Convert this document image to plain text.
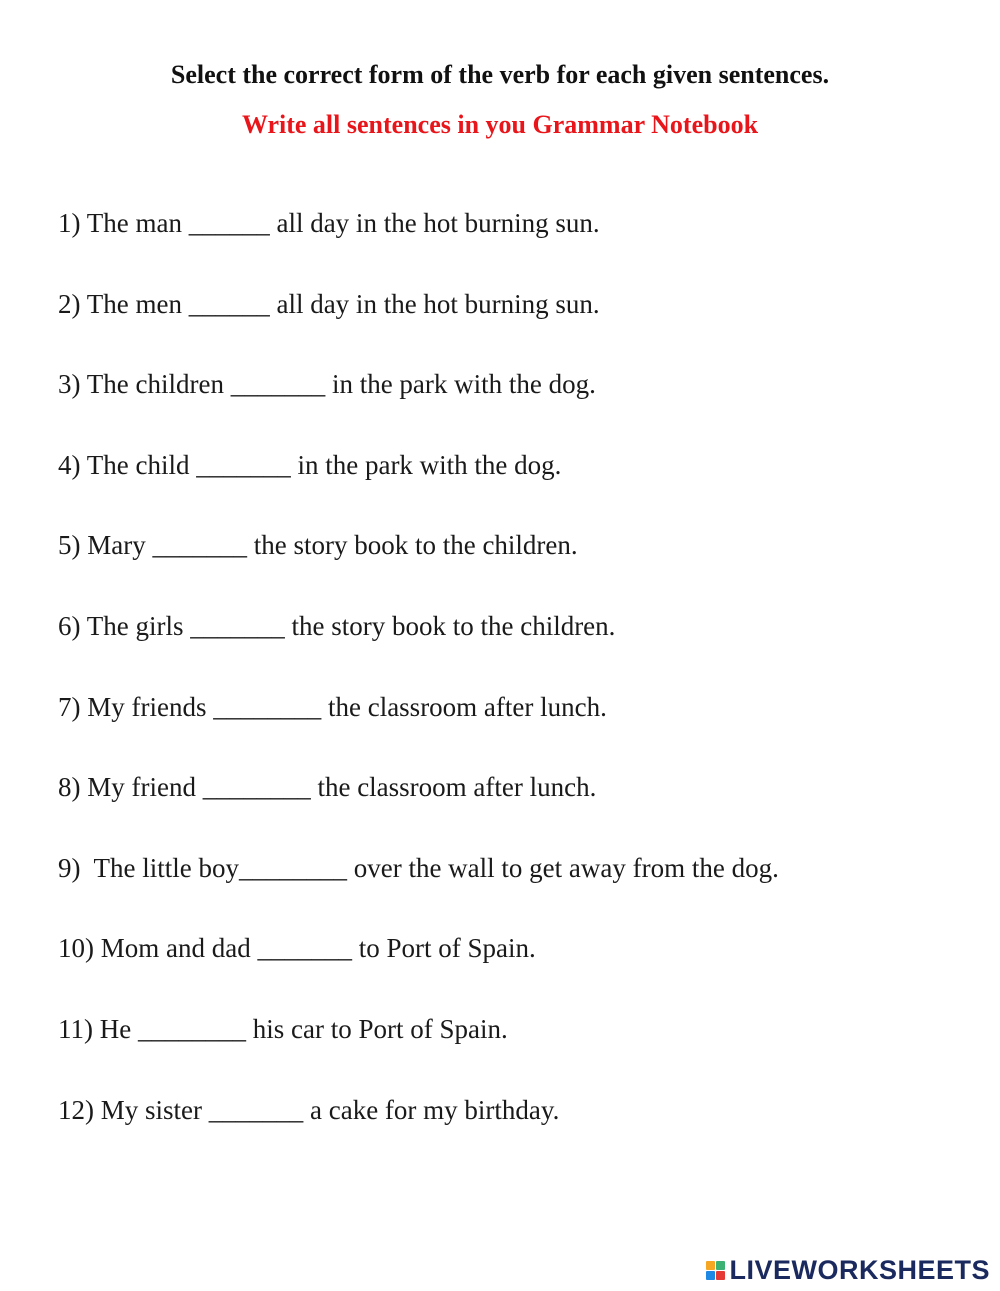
Select the correct form of the verb for each given sentences.
Write all sentences in you Grammar Notebook
1) The man ______ all day in the hot burning sun.
2) The men ______ all day in the hot burning sun.
3) The children _______ in the park with the dog.
4) The child _______ in the park with the dog.
5) Mary _______ the story book to the children.
6) The girls _______ the story book to the children.
7) My friends ________ the classroom after lunch.
8) My friend ________ the classroom after lunch.
9)  The little boy________ over the wall to get away from the dog.
10) Mom and dad _______ to Port of Spain.
11) He ________ his car to Port of Spain.
12) My sister _______ a cake for my birthday.
LIVEWORKSHEETS
